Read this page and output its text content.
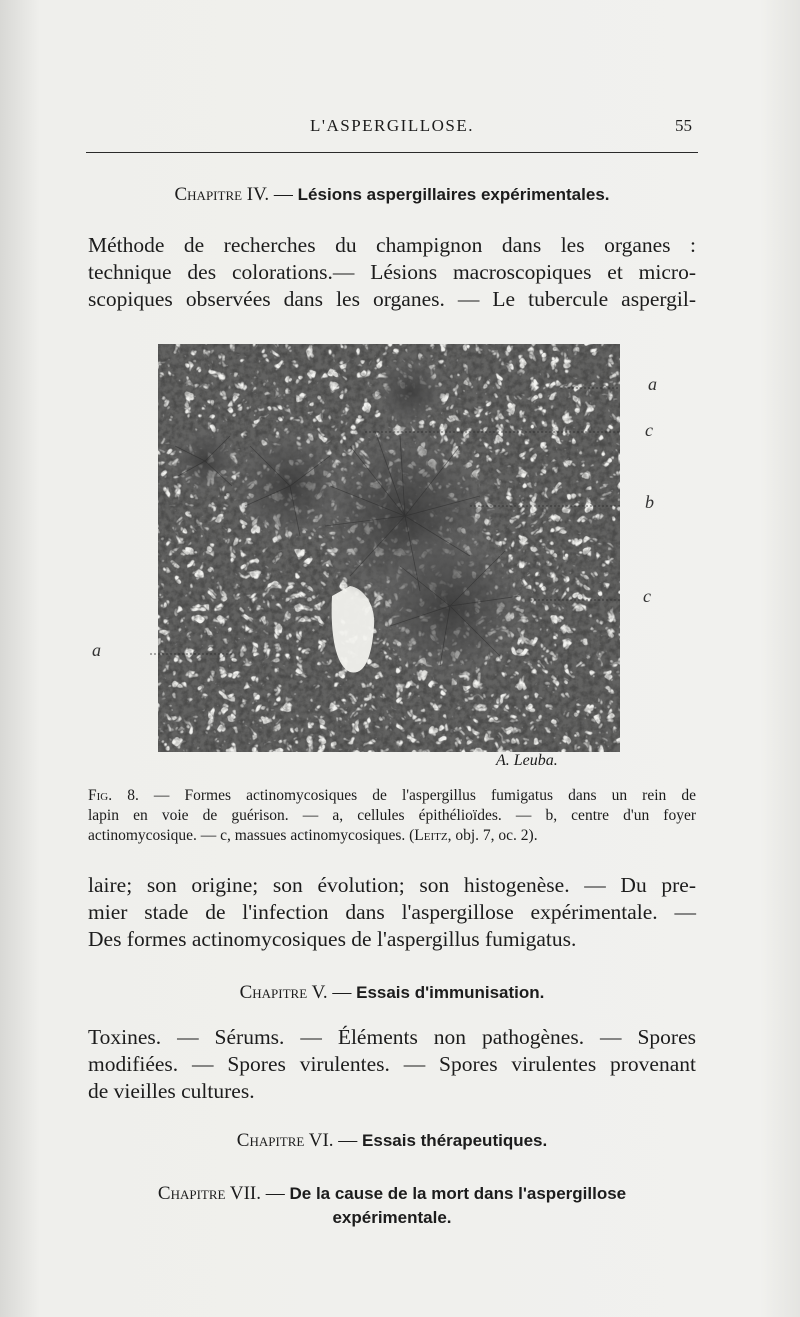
L'ASPERGILLOSE.	55
Chapitre IV. — Lésions aspergillaires expérimentales.
Méthode de recherches du champignon dans les organes :
technique des colorations.— Lésions macroscopiques et micro-
scopiques observées dans les organes. — Le tubercule aspergil-
a
c
b
c
a
A. Leuba.
Fig. 8. — Formes actinomycosiques de l'aspergillus fumigatus dans un rein de
lapin en voie de guérison. — a, cellules épithélioïdes. — b, centre d'un foyer
actinomycosique. — c, massues actinomycosiques. (Leitz, obj. 7, oc. 2).
laire; son origine; son évolution; son histogenèse. — Du pre-
mier stade de l'infection dans l'aspergillose expérimentale. —
Des formes actinomycosiques de l'aspergillus fumigatus.
Chapitre V. — Essais d'immunisation.
Toxines. — Sérums. — Éléments non pathogènes. — Spores
modifiées. — Spores virulentes. — Spores virulentes provenant
de vieilles cultures.
Chapitre VI. — Essais thérapeutiques.
Chapitre VII. — De la cause de la mort dans l'aspergillose
expérimentale.
